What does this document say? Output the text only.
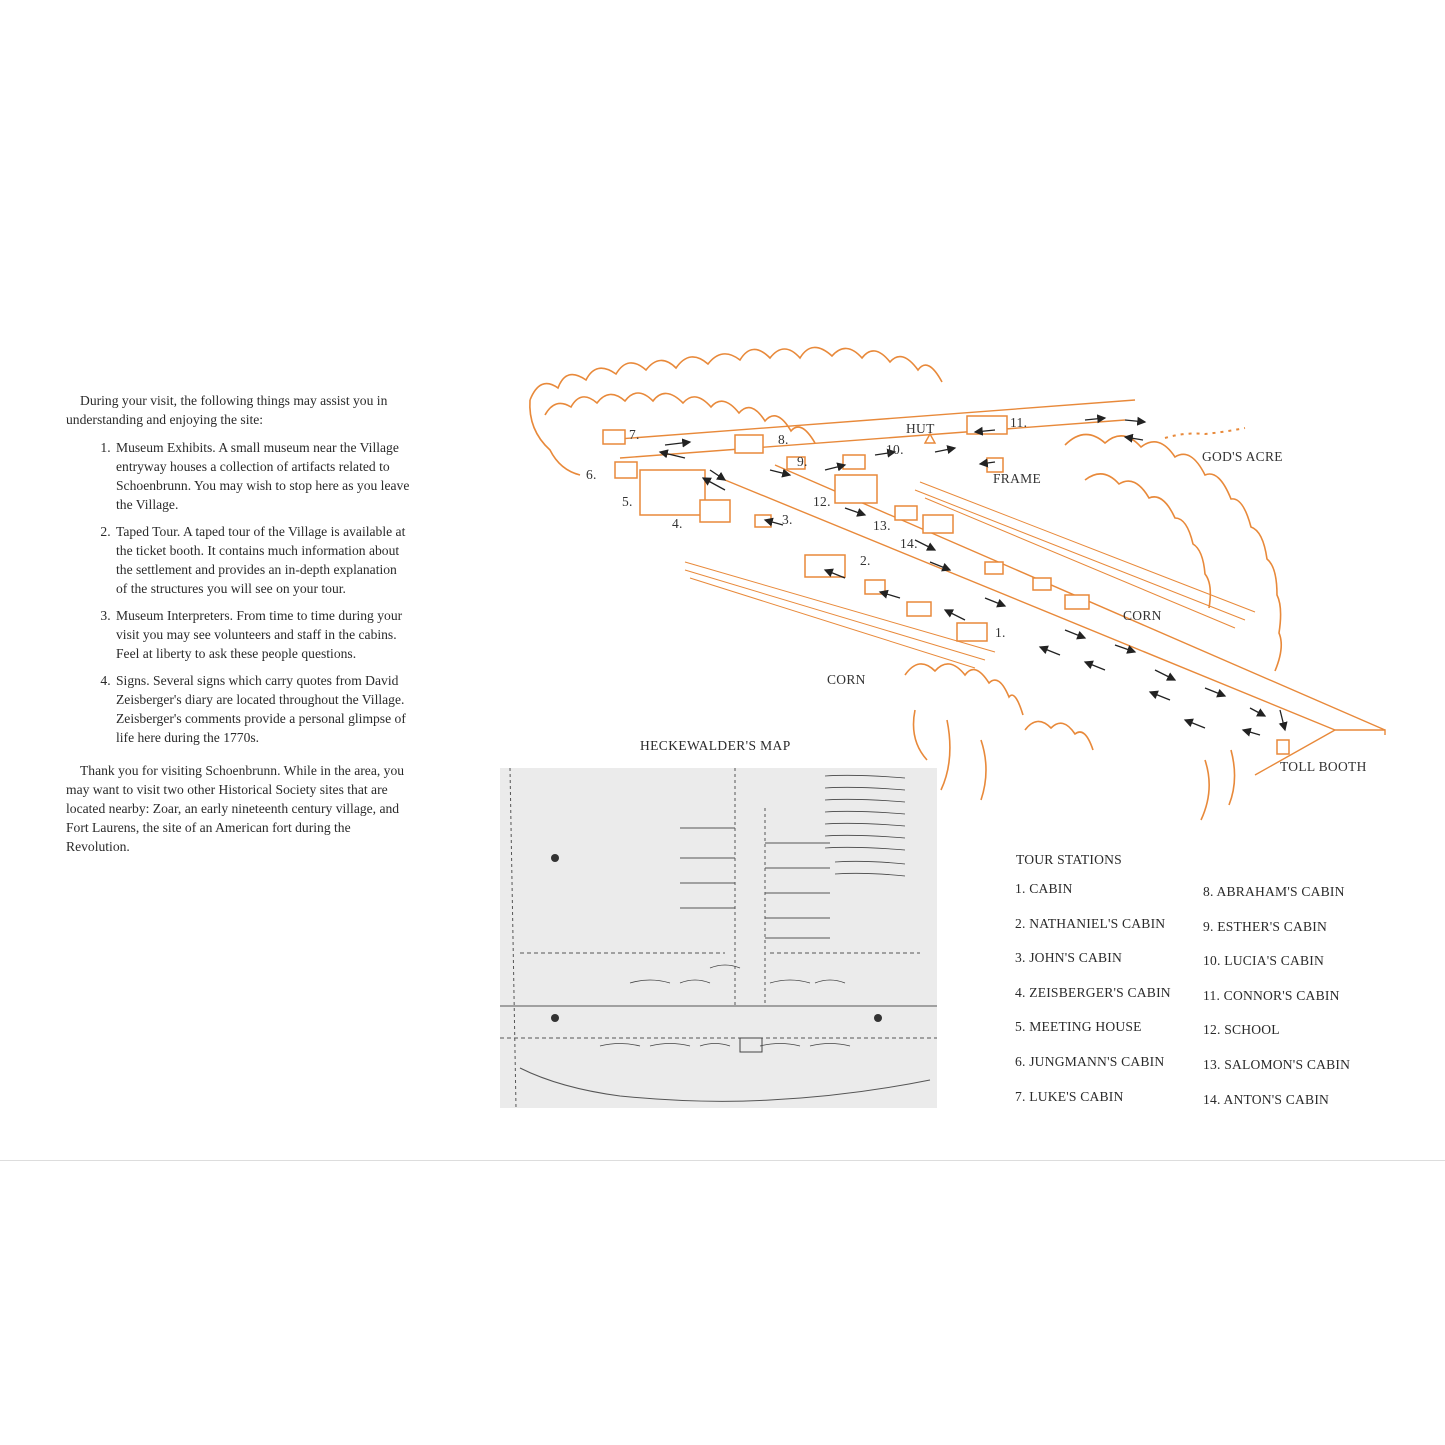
During your visit, the following things may assist you in understanding and enjoying the site:

1. Museum Exhibits. A small museum near the Village entryway houses a collection of artifacts related to Schoenbrunn. You may wish to stop here as you leave the Village.
2. Taped Tour. A taped tour of the Village is available at the ticket booth. It contains much information about the settlement and provides an in-depth explanation of the structures you will see on your tour.
3. Museum Interpreters. From time to time during your visit you may see volunteers and staff in the cabins. Feel at liberty to ask these people questions.
4. Signs. Several signs which carry quotes from David Zeisberger's diary are located throughout the Village. Zeisberger's comments provide a personal glimpse of life here during the 1770s.

Thank you for visiting Schoenbrunn. While in the area, you may want to visit two other Historical Society sites that are located nearby: Zoar, an early nineteenth century village, and Fort Laurens, the site of an American fort during the Revolution.

HUT
GOD'S ACRE
FRAME
CORN
CORN
TOLL BOOTH
1.
2.
3.
4.
5.
6.
7.	8.
9.
10.
11.
12.
13.
14.
HECKEWALDER'S MAP
TOUR STATIONS
1. CABIN
2. NATHANIEL'S CABIN
3. JOHN'S CABIN
4. ZEISBERGER'S CABIN
5. MEETING HOUSE
6. JUNGMANN'S CABIN
7. LUKE'S CABIN
8. ABRAHAM'S CABIN
9. ESTHER'S CABIN
10. LUCIA'S CABIN
11. CONNOR'S CABIN
12. SCHOOL
13. SALOMON'S CABIN
14. ANTON'S CABIN
